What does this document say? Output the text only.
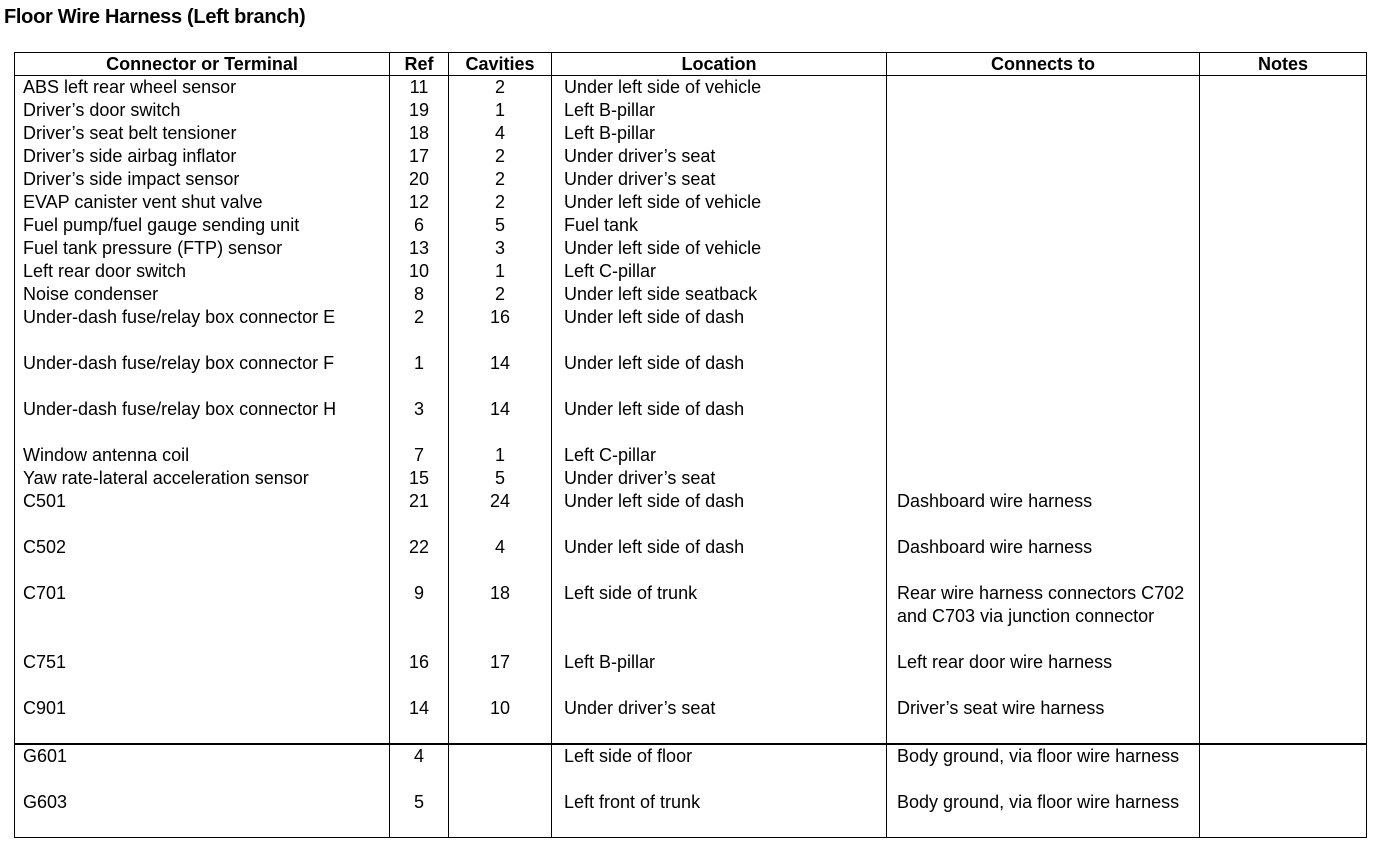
Floor Wire Harness (Left branch)
Connector or Terminal	Ref	Cavities	Location	Connects to	Notes
ABS left rear wheel sensor	11	2	Under left side of vehicle		
Driver’s door switch	19	1	Left B-pillar		
Driver’s seat belt tensioner	18	4	Left B-pillar		
Driver’s side airbag inflator	17	2	Under driver’s seat		
Driver’s side impact sensor	20	2	Under driver’s seat		
EVAP canister vent shut valve	12	2	Under left side of vehicle		
Fuel pump/fuel gauge sending unit	6	5	Fuel tank		
Fuel tank pressure (FTP) sensor	13	3	Under left side of vehicle		
Left rear door switch	10	1	Left C-pillar		
Noise condenser	8	2	Under left side seatback		
Under-dash fuse/relay box connector E	2	16	Under left side of dash		
Under-dash fuse/relay box connector F	1	14	Under left side of dash		
Under-dash fuse/relay box connector H	3	14	Under left side of dash		
Window antenna coil	7	1	Left C-pillar		
Yaw rate-lateral acceleration sensor	15	5	Under driver’s seat		
C501	21	24	Under left side of dash	Dashboard wire harness	
C502	22	4	Under left side of dash	Dashboard wire harness	
C701	9	18	Left side of trunk	Rear wire harness connectors C702 and C703 via junction connector	
C751	16	17	Left B-pillar	Left rear door wire harness	
C901	14	10	Under driver’s seat	Driver’s seat wire harness	
G601	4		Left side of floor	Body ground, via floor wire harness	
G603	5		Left front of trunk	Body ground, via floor wire harness	
